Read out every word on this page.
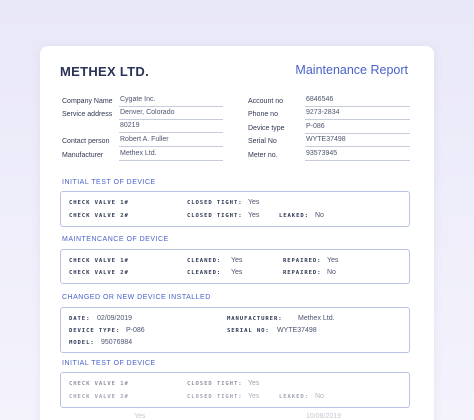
METHEX LTD.	Maintenance Report
Company Name Cygate Inc.
Service address Denver, Colorado
80219
Contact person Robert A. Fuller
Manufacturer Methex Ltd.
Account no	6846546
Phone no	9273-2834
Device type	P-086
Serial No	WYTE37498
Meter no.	93573945
INITIAL TEST OF DEVICE
CHECK VALVE 1#	CLOSED TIGHT: Yes
CHECK VALVE 2#	CLOSED TIGHT: Yes	LEAKED: No
MAINTENCANCE OF DEVICE
CHECK VALVE 1#	CLEANED: Yes	REPAIRED: Yes
CHECK VALVE 2#	CLEANED: Yes	REPAIRED: No
CHANGED OR NEW DEVICE INSTALLED
DATE: 02/09/2019	MANUFACTURER: Methex Ltd.
DEVICE TYPE: P-086	SERIAL NO: WYTE37498
MODEL: 95076984
INITIAL TEST OF DEVICE
CHECK VALVE 1#	CLOSED TIGHT: Yes
CHECK VALVE 2#	CLOSED TIGHT: Yes	LEAKED: No
Yes	10/08/2019
